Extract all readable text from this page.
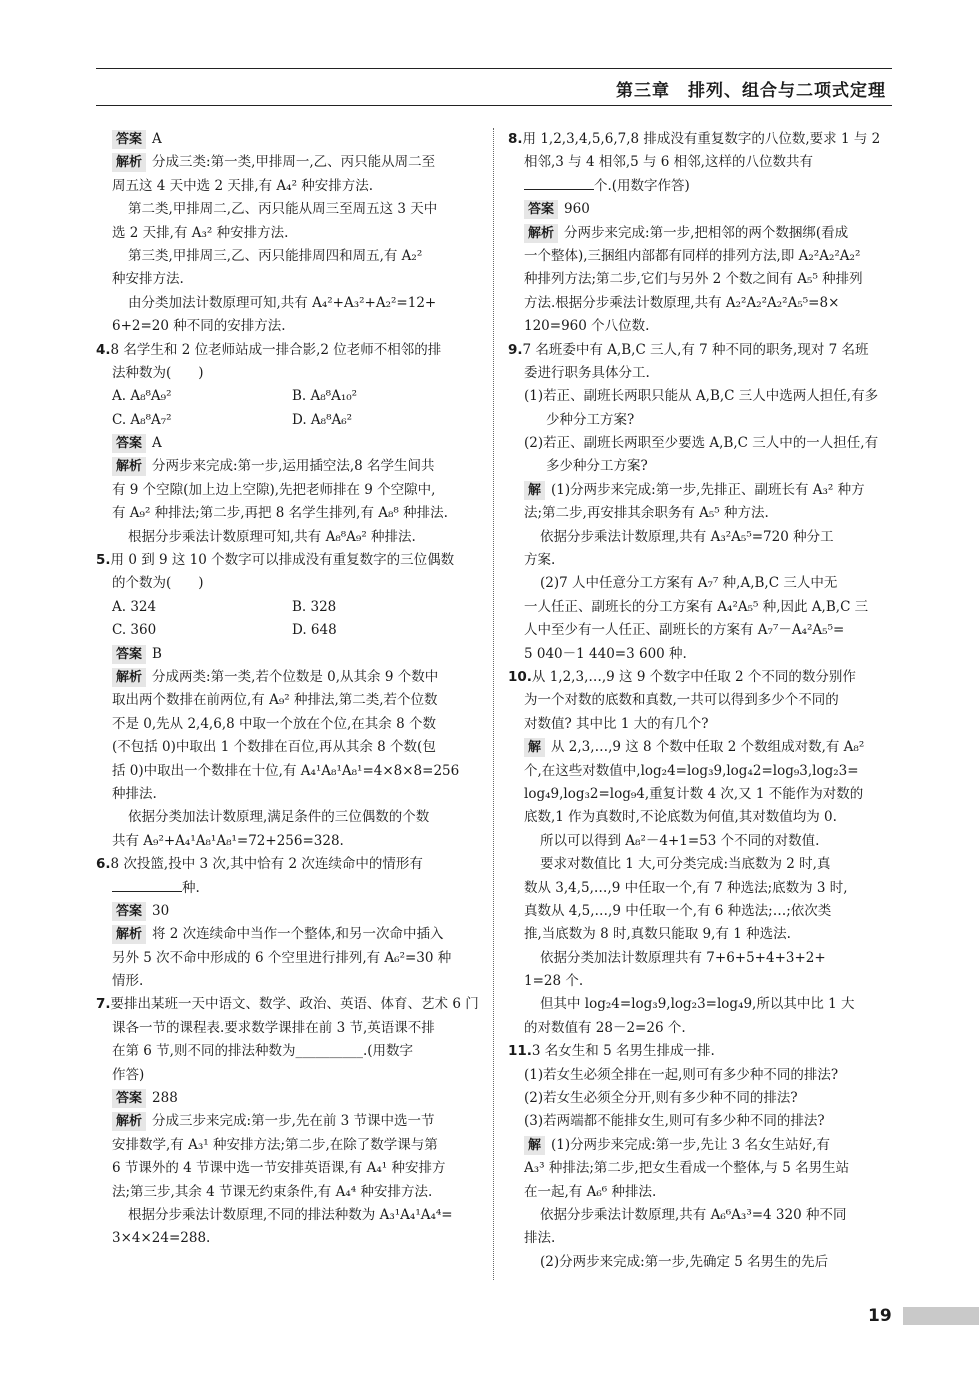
第三章　排列、组合与二项式定理
答案 A
解析 分成三类:第一类,甲排周一,乙、丙只能从周二至
周五这 4 天中选 2 天排,有 A₄² 种安排方法.
第二类,甲排周二,乙、丙只能从周三至周五这 3 天中
选 2 天排,有 A₃² 种安排方法.
第三类,甲排周三,乙、丙只能排周四和周五,有 A₂²
种安排方法.
由分类加法计数原理可知,共有 A₄²+A₃²+A₂²=12+
6+2=20 种不同的安排方法.
4.8 名学生和 2 位老师站成一排合影,2 位老师不相邻的排
法种数为(　　)
A. A₈⁸A₉²	B. A₈⁸A₁₀²
C. A₈⁸A₇²	D. A₈⁸A₆²
答案 A
解析 分两步来完成:第一步,运用插空法,8 名学生间共
有 9 个空隙(加上边上空隙),先把老师排在 9 个空隙中,
有 A₉² 种排法;第二步,再把 8 名学生排列,有 A₈⁸ 种排法.
根据分步乘法计数原理可知,共有 A₈⁸A₉² 种排法.
5.用 0 到 9 这 10 个数字可以排成没有重复数字的三位偶数
的个数为(　　)
A. 324	B. 328
C. 360	D. 648
答案 B
解析 分成两类:第一类,若个位数是 0,从其余 9 个数中
取出两个数排在前两位,有 A₉² 种排法,第二类,若个位数
不是 0,先从 2,4,6,8 中取一个放在个位,在其余 8 个数
(不包括 0)中取出 1 个数排在百位,再从其余 8 个数(包
括 0)中取出一个数排在十位,有 A₄¹A₈¹A₈¹=4×8×8=256
种排法.
依据分类加法计数原理,满足条件的三位偶数的个数
共有 A₉²+A₄¹A₈¹A₈¹=72+256=328.
6.8 次投篮,投中 3 次,其中恰有 2 次连续命中的情形有
种.
答案 30
解析 将 2 次连续命中当作一个整体,和另一次命中插入
另外 5 次不命中形成的 6 个空里进行排列,有 A₆²=30 种
情形.
7.要排出某班一天中语文、数学、政治、英语、体育、艺术 6 门
课各一节的课程表.要求数学课排在前 3 节,英语课不排
在第 6 节,则不同的排法种数为__________.(用数字
作答)
答案 288
解析 分成三步来完成:第一步,先在前 3 节课中选一节
安排数学,有 A₃¹ 种安排方法;第二步,在除了数学课与第
6 节课外的 4 节课中选一节安排英语课,有 A₄¹ 种安排方
法;第三步,其余 4 节课无约束条件,有 A₄⁴ 种安排方法.
根据分步乘法计数原理,不同的排法种数为 A₃¹A₄¹A₄⁴=
3×4×24=288.
8.用 1,2,3,4,5,6,7,8 排成没有重复数字的八位数,要求 1 与 2
相邻,3 与 4 相邻,5 与 6 相邻,这样的八位数共有
个.(用数字作答)
答案 960
解析 分两步来完成:第一步,把相邻的两个数捆绑(看成
一个整体),三捆组内部都有同样的排列方法,即 A₂²A₂²A₂²
种排列方法;第二步,它们与另外 2 个数之间有 A₅⁵ 种排列
方法.根据分步乘法计数原理,共有 A₂²A₂²A₂²A₅⁵=8×
120=960 个八位数.
9.7 名班委中有 A,B,C 三人,有 7 种不同的职务,现对 7 名班
委进行职务具体分工.
(1)若正、副班长两职只能从 A,B,C 三人中选两人担任,有多
少种分工方案?
(2)若正、副班长两职至少要选 A,B,C 三人中的一人担任,有
多少种分工方案?
解 (1)分两步来完成:第一步,先排正、副班长有 A₃² 种方
法;第二步,再安排其余职务有 A₅⁵ 种方法.
依据分步乘法计数原理,共有 A₃²A₅⁵=720 种分工
方案.
(2)7 人中任意分工方案有 A₇⁷ 种,A,B,C 三人中无
一人任正、副班长的分工方案有 A₄²A₅⁵ 种,因此 A,B,C 三
人中至少有一人任正、副班长的方案有 A₇⁷－A₄²A₅⁵=
5 040－1 440=3 600 种.
10.从 1,2,3,…,9 这 9 个数字中任取 2 个不同的数分别作
为一个对数的底数和真数,一共可以得到多少个不同的
对数值? 其中比 1 大的有几个?
解 从 2,3,…,9 这 8 个数中任取 2 个数组成对数,有 A₈²
个,在这些对数值中,log₂4=log₃9,log₄2=log₉3,log₂3=
log₄9,log₃2=log₉4,重复计数 4 次,又 1 不能作为对数的
底数,1 作为真数时,不论底数为何值,其对数值均为 0.
所以可以得到 A₈²－4+1=53 个不同的对数值.
要求对数值比 1 大,可分类完成:当底数为 2 时,真
数从 3,4,5,…,9 中任取一个,有 7 种选法;底数为 3 时,
真数从 4,5,…,9 中任取一个,有 6 种选法;…;依次类
推,当底数为 8 时,真数只能取 9,有 1 种选法.
依据分类加法计数原理共有 7+6+5+4+3+2+
1=28 个.
但其中 log₂4=log₃9,log₂3=log₄9,所以其中比 1 大
的对数值有 28－2=26 个.
11.3 名女生和 5 名男生排成一排.
(1)若女生必须全排在一起,则可有多少种不同的排法?
(2)若女生必须全分开,则有多少种不同的排法?
(3)若两端都不能排女生,则可有多少种不同的排法?
解 (1)分两步来完成:第一步,先让 3 名女生站好,有
A₃³ 种排法;第二步,把女生看成一个整体,与 5 名男生站
在一起,有 A₆⁶ 种排法.
依据分步乘法计数原理,共有 A₆⁶A₃³=4 320 种不同
排法.
(2)分两步来完成:第一步,先确定 5 名男生的先后
19
